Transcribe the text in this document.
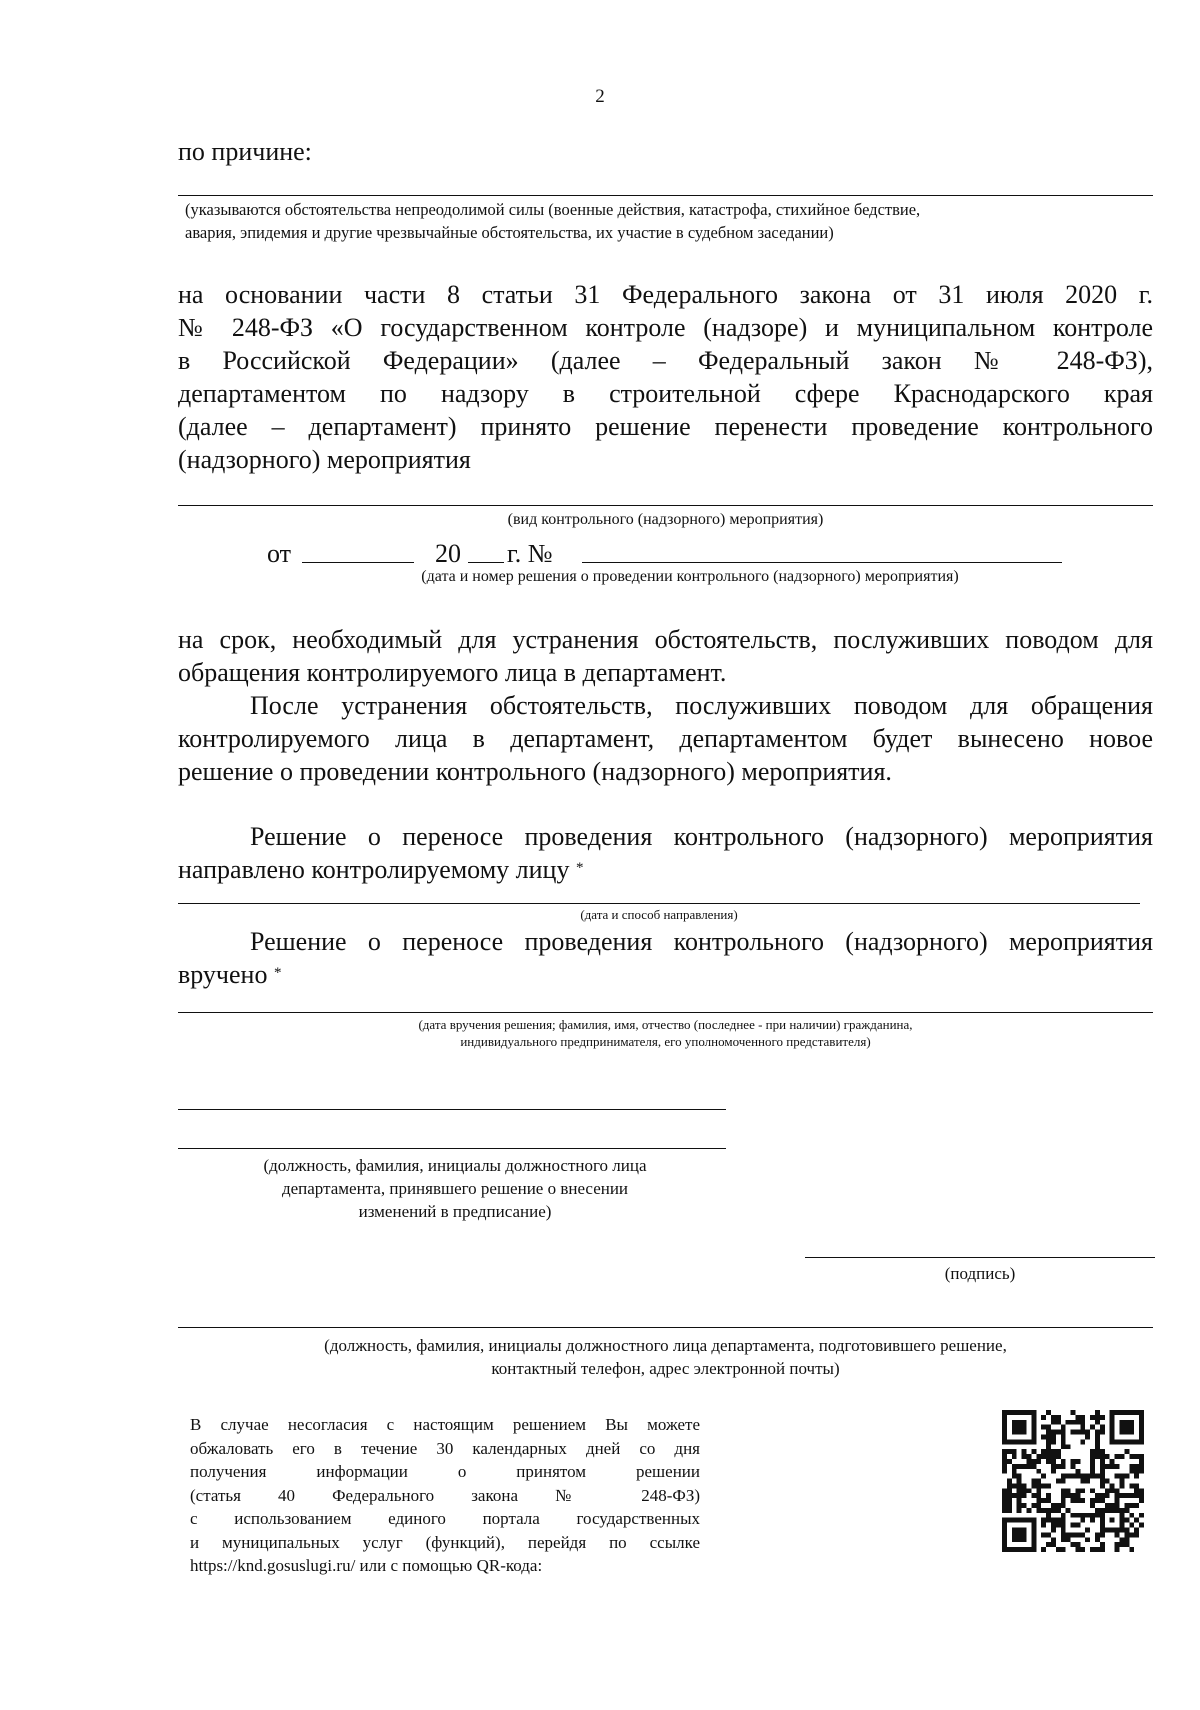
2
по причине:
(указываются обстоятельства непреодолимой силы (военные действия, катастрофа, стихийное бедствие,
авария, эпидемия и другие чрезвычайные обстоятельства, их участие в судебном заседании)
на основании части 8 статьи 31 Федерального закона от 31 июля 2020 г.
№ 248-ФЗ «О государственном контроле (надзоре) и муниципальном контроле
в Российской Федерации» (далее – Федеральный закон № 248-ФЗ),
департаментом по надзору в строительной сфере Краснодарского края
(далее – департамент) принято решение перенести проведение контрольного
(надзорного) мероприятия
(вид контрольного (надзорного) мероприятия)
от	20 г. №
(дата и номер решения о проведении контрольного (надзорного) мероприятия)
на срок, необходимый для устранения обстоятельств, послуживших поводом для
обращения контролируемого лица в департамент.
После устранения обстоятельств, послуживших поводом для обращения
контролируемого лица в департамент, департаментом будет вынесено новое
решение о проведении контрольного (надзорного) мероприятия.
Решение о переносе проведения контрольного (надзорного) мероприятия
направлено контролируемому лицу *
(дата и способ направления)
Решение о переносе проведения контрольного (надзорного) мероприятия
вручено *
(дата вручения решения; фамилия, имя, отчество (последнее - при наличии) гражданина,
индивидуального предпринимателя, его уполномоченного представителя)
(должность, фамилия, инициалы должностного лица
департамента, принявшего решение о внесении
изменений в предписание)
(подпись)
(должность, фамилия, инициалы должностного лица департамента, подготовившего решение,
контактный телефон, адрес электронной почты)
В случае несогласия с настоящим решением Вы можете
обжаловать его в течение 30 календарных дней со дня
получения информации о принятом решении
(статья 40 Федерального закона № 248-ФЗ)
с использованием единого портала государственных
и муниципальных услуг (функций), перейдя по ссылке
https://knd.gosuslugi.ru/ или с помощью QR-кода:
